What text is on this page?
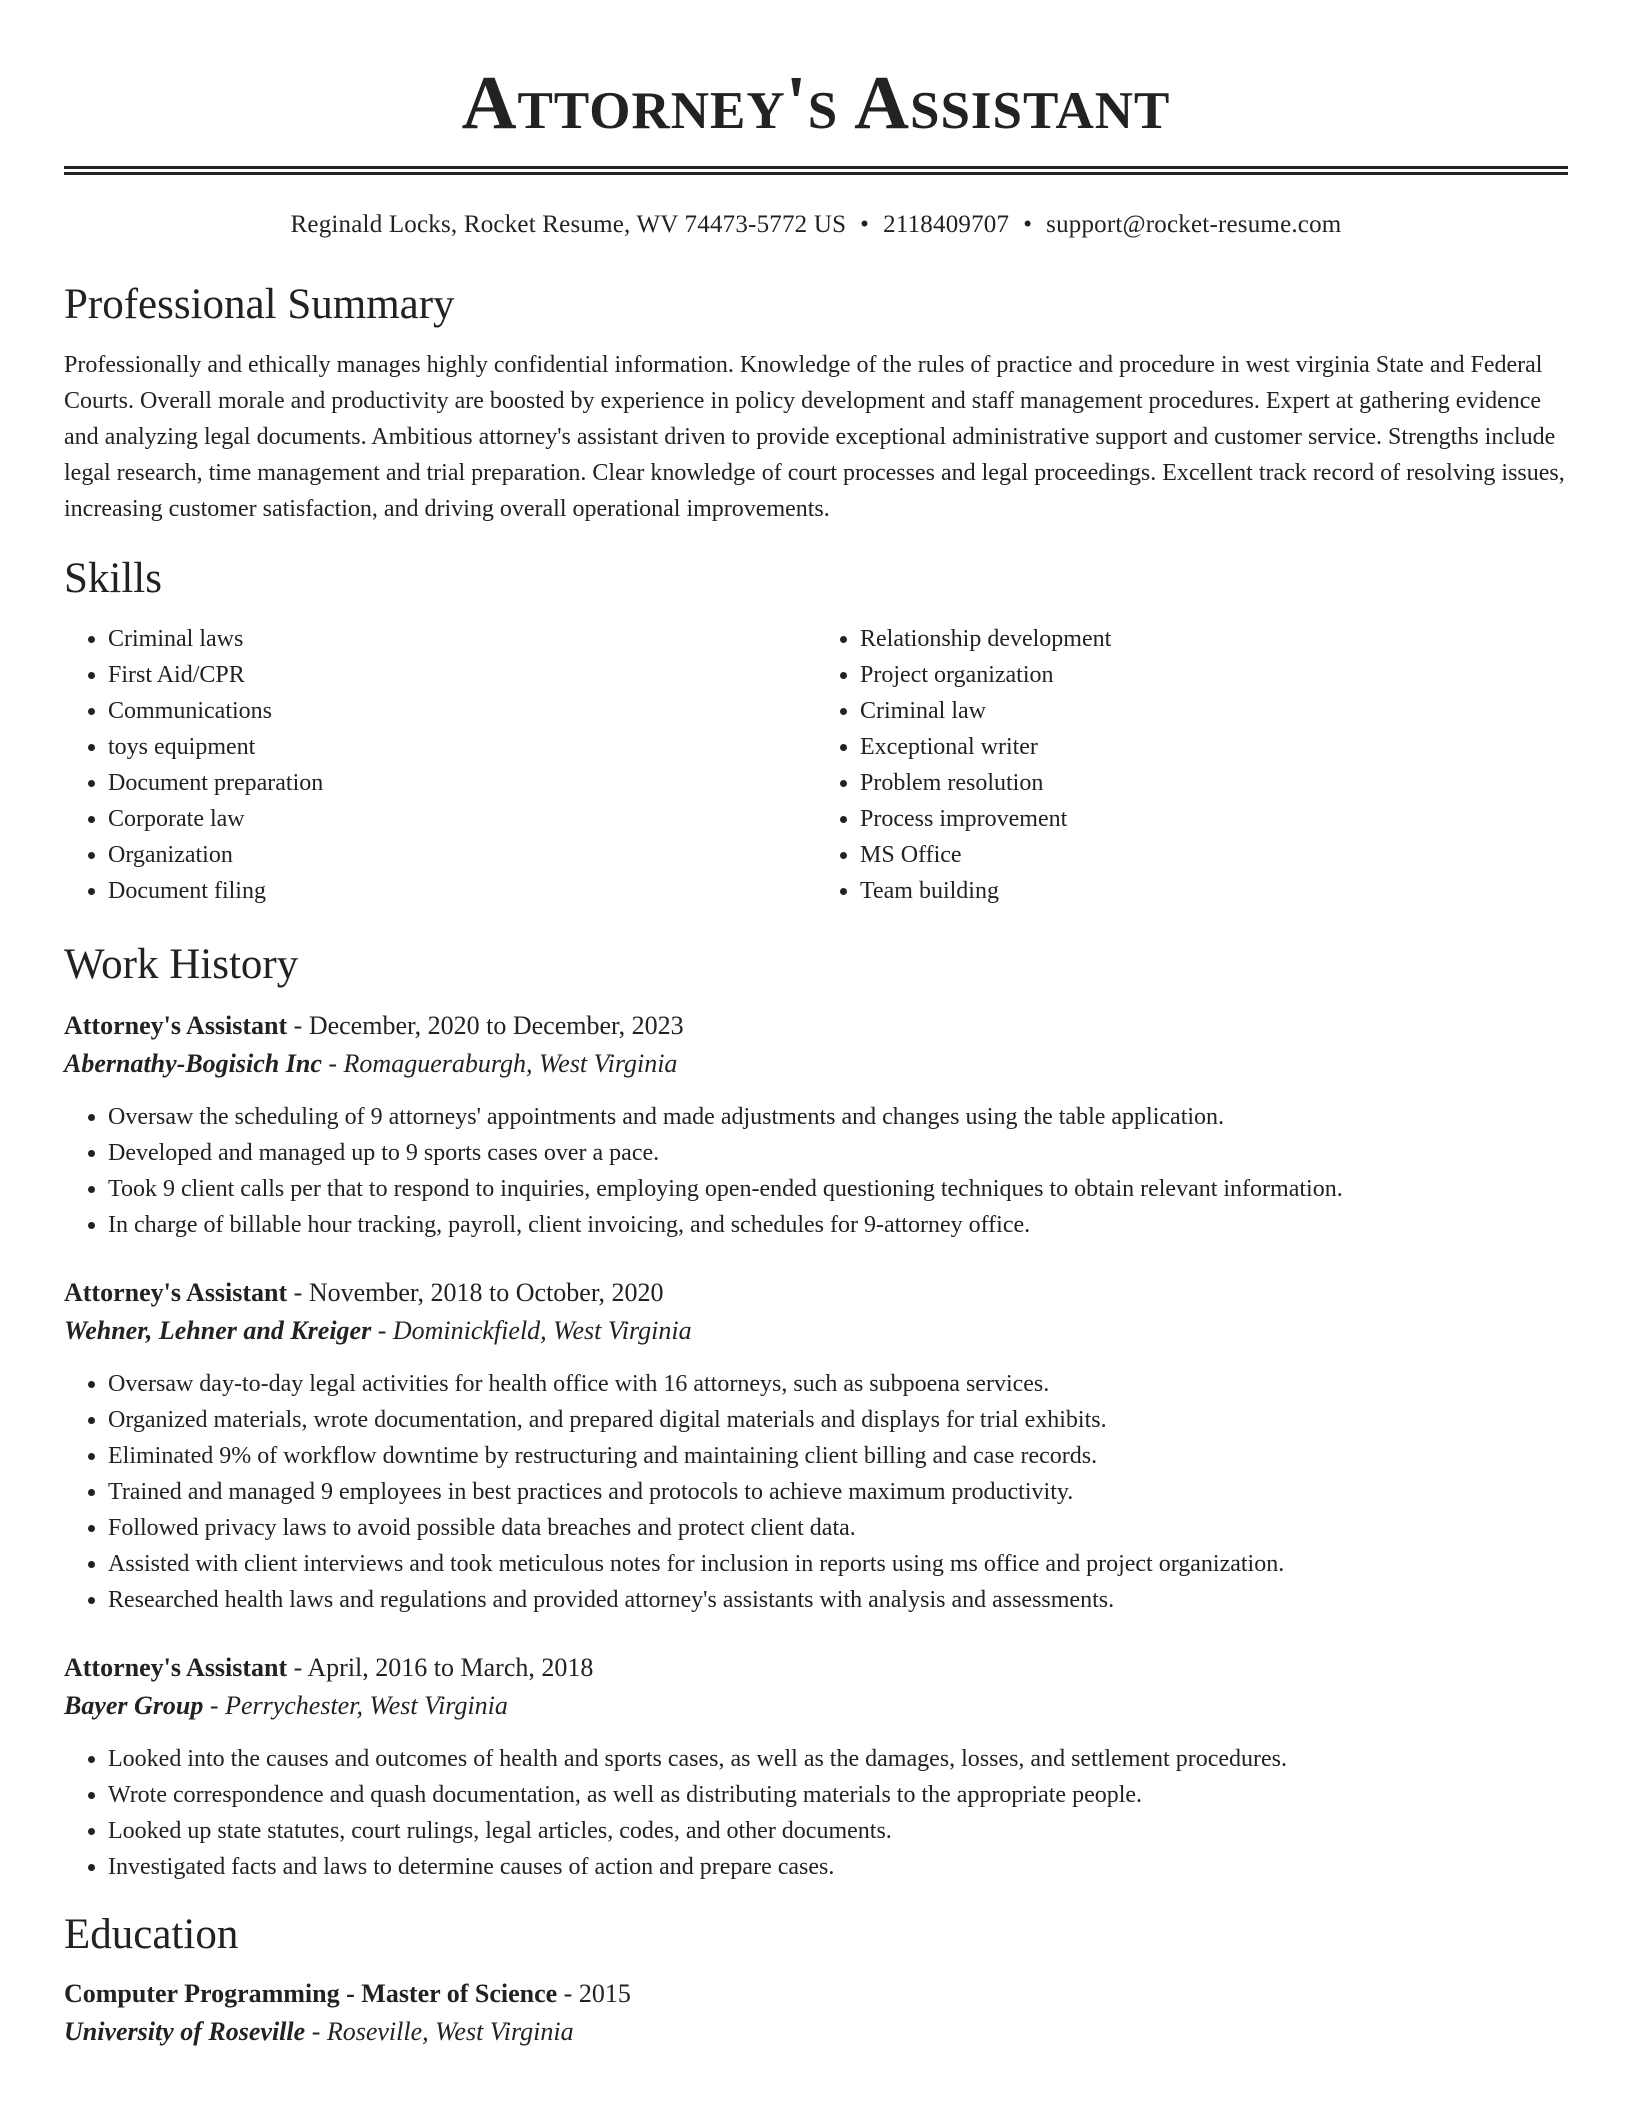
Attorney's Assistant
Reginald Locks, Rocket Resume, WV 74473-5772 US • 2118409707 • support@rocket-resume.com
Professional Summary

Professionally and ethically manages highly confidential information. Knowledge of the rules of practice and procedure in west virginia State and Federal Courts. Overall morale and productivity are boosted by experience in policy development and staff management procedures. Expert at gathering evidence and analyzing legal documents. Ambitious attorney's assistant driven to provide exceptional administrative support and customer service. Strengths include legal research, time management and trial preparation. Clear knowledge of court processes and legal proceedings. Excellent track record of resolving issues, increasing customer satisfaction, and driving overall operational improvements.

Skills
• Criminal laws
• First Aid/CPR
• Communications
• toys equipment
• Document preparation
• Corporate law
• Organization
• Document filing
• Relationship development
• Project organization
• Criminal law
• Exceptional writer
• Problem resolution
• Process improvement
• MS Office
• Team building
Work History
Attorney's Assistant - December, 2020 to December, 2023
Abernathy-Bogisich Inc - Romagueraburgh, West Virginia
• Oversaw the scheduling of 9 attorneys' appointments and made adjustments and changes using the table application.
• Developed and managed up to 9 sports cases over a pace.
• Took 9 client calls per that to respond to inquiries, employing open-ended questioning techniques to obtain relevant information.
• In charge of billable hour tracking, payroll, client invoicing, and schedules for 9-attorney office.
Attorney's Assistant - November, 2018 to October, 2020
Wehner, Lehner and Kreiger - Dominickfield, West Virginia
• Oversaw day-to-day legal activities for health office with 16 attorneys, such as subpoena services.
• Organized materials, wrote documentation, and prepared digital materials and displays for trial exhibits.
• Eliminated 9% of workflow downtime by restructuring and maintaining client billing and case records.
• Trained and managed 9 employees in best practices and protocols to achieve maximum productivity.
• Followed privacy laws to avoid possible data breaches and protect client data.
• Assisted with client interviews and took meticulous notes for inclusion in reports using ms office and project organization.
• Researched health laws and regulations and provided attorney's assistants with analysis and assessments.
Attorney's Assistant - April, 2016 to March, 2018
Bayer Group - Perrychester, West Virginia
• Looked into the causes and outcomes of health and sports cases, as well as the damages, losses, and settlement procedures.
• Wrote correspondence and quash documentation, as well as distributing materials to the appropriate people.
• Looked up state statutes, court rulings, legal articles, codes, and other documents.
• Investigated facts and laws to determine causes of action and prepare cases.
Education
Computer Programming - Master of Science - 2015
University of Roseville - Roseville, West Virginia
